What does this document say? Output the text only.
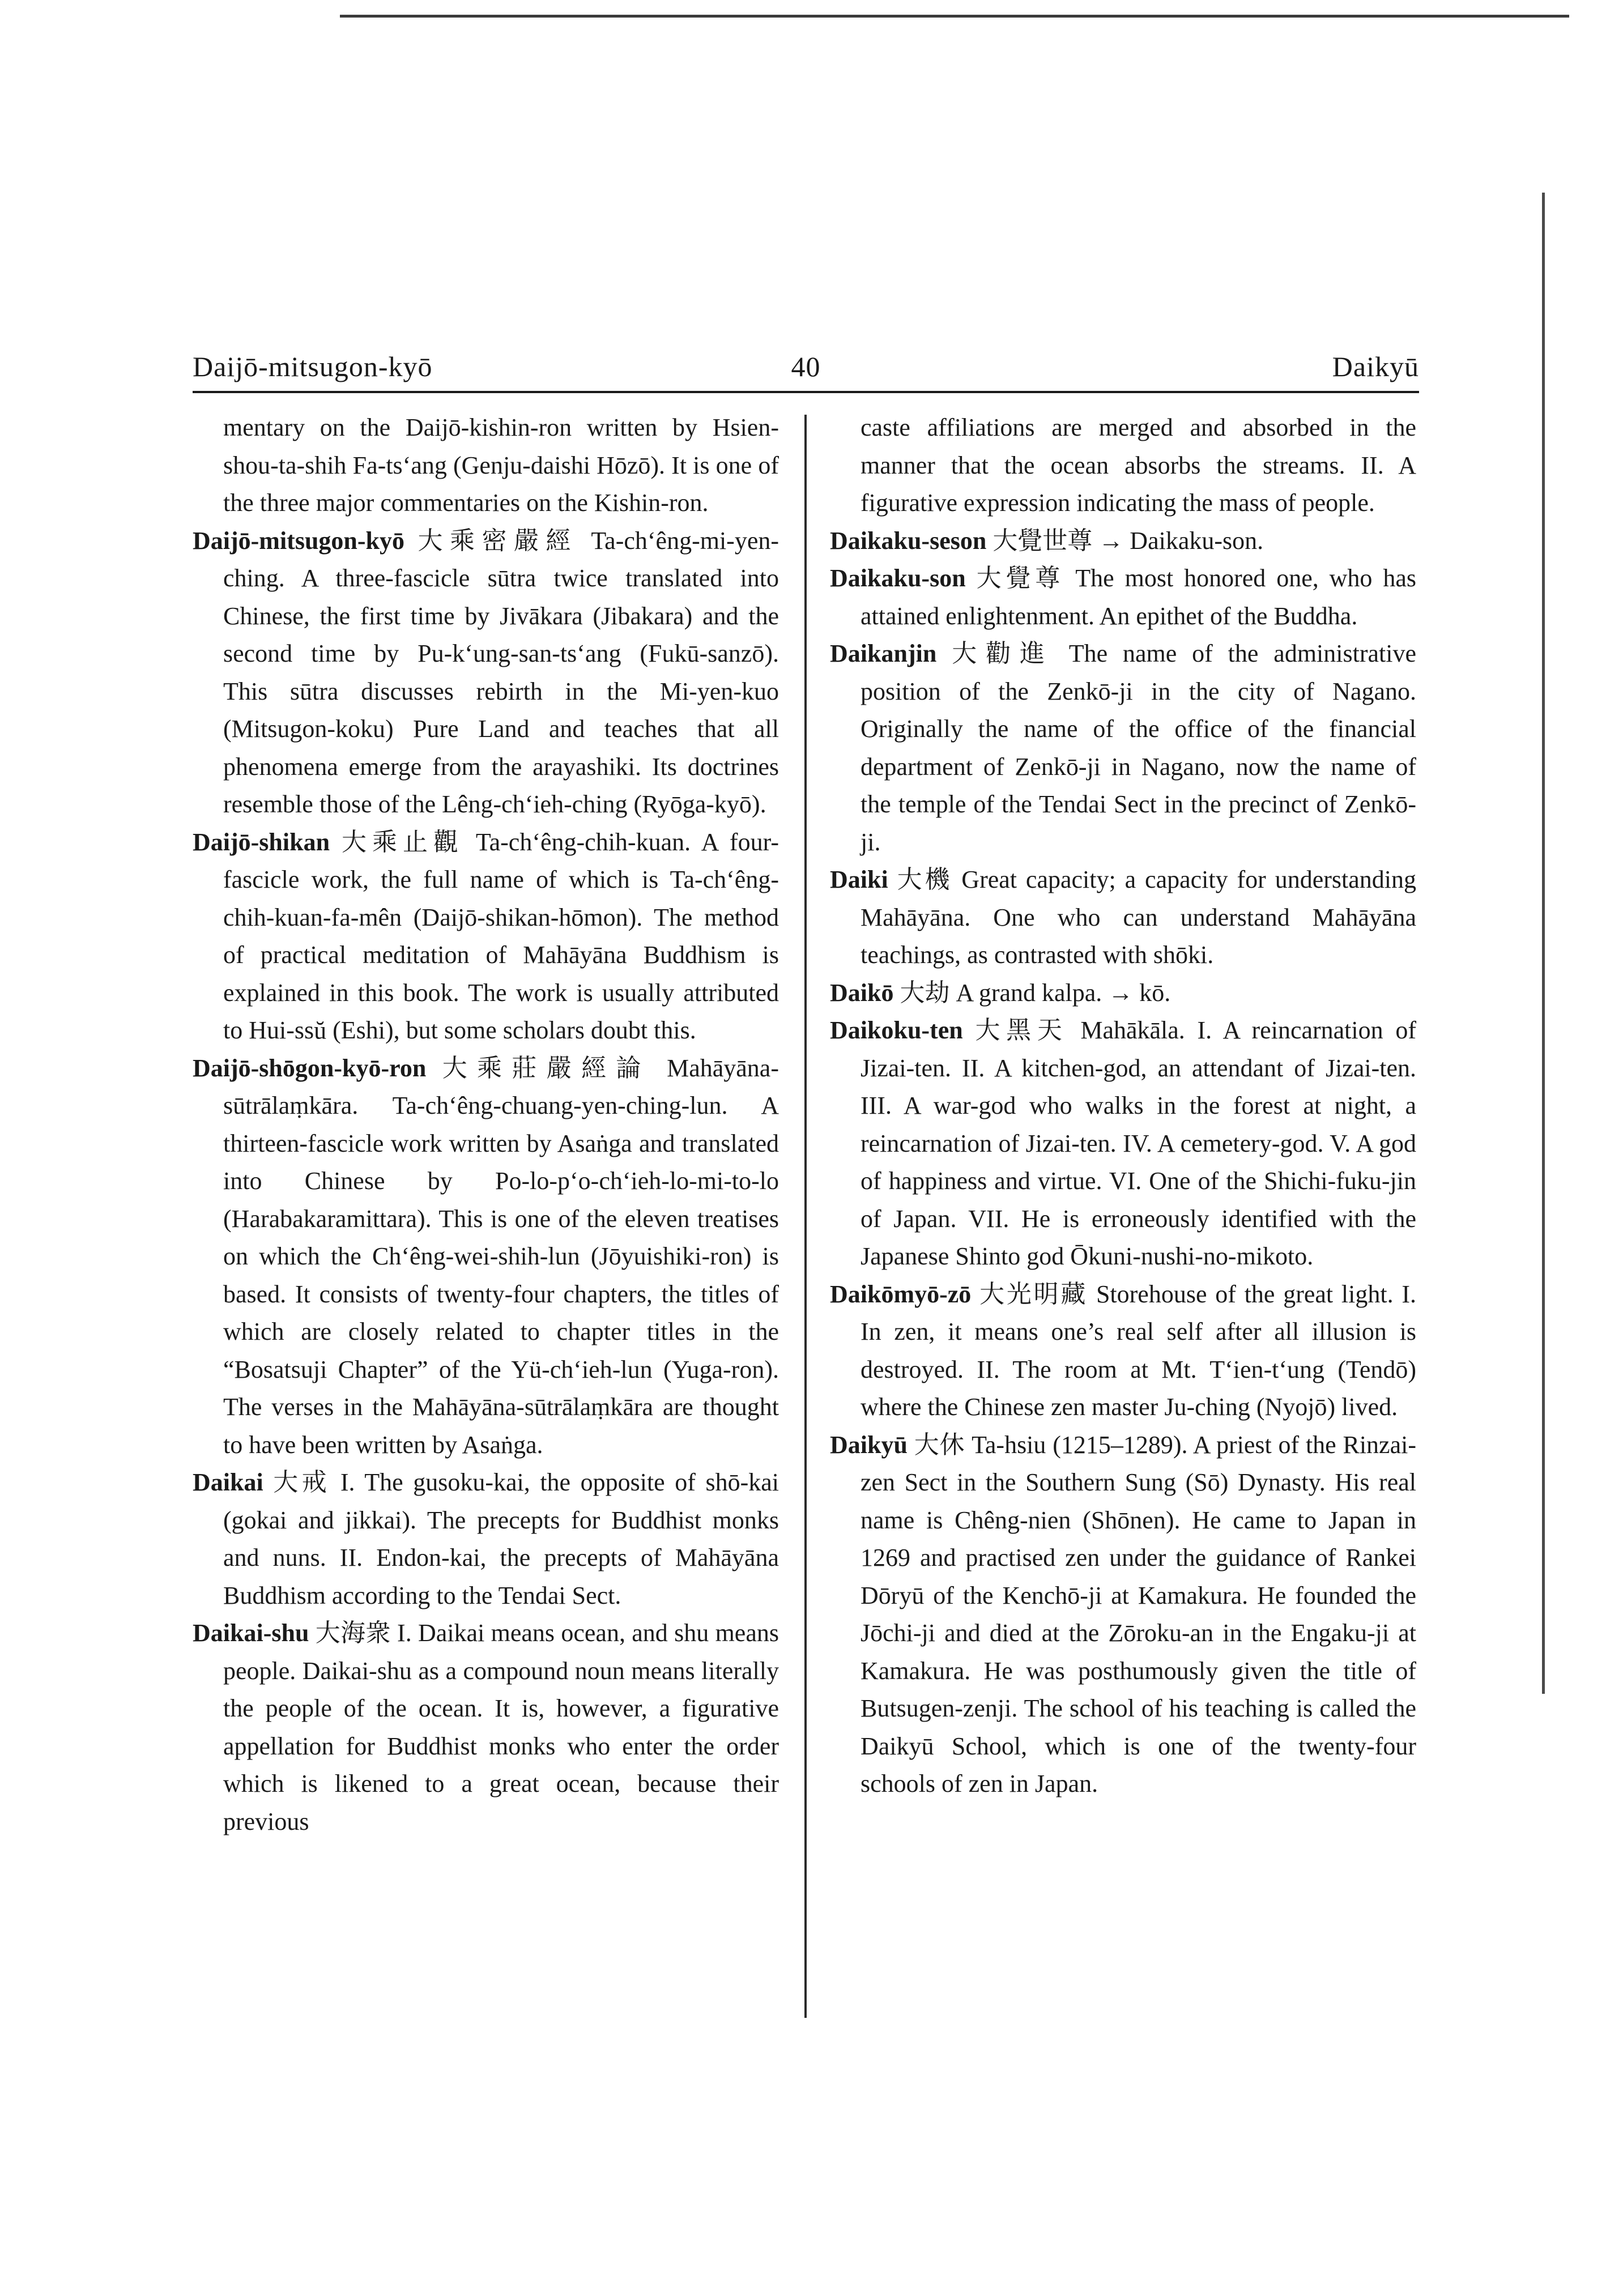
Daijō-mitsugon-kyō	40	Daikyū

mentary on the Daijō-kishin-ron written by Hsien-shou-ta-shih Fa-ts‘ang (Genju-daishi Hōzō). It is one of the three major commentaries on the Kishin-ron.

Daijō-mitsugon-kyō 大乘密嚴經 Ta-ch‘êng-mi-yen-ching. A three-fascicle sūtra twice translated into Chinese, the first time by Jivākara (Jibakara) and the second time by Pu-k‘ung-san-ts‘ang (Fukū-sanzō). This sūtra discusses rebirth in the Mi-yen-kuo (Mitsugon-koku) Pure Land and teaches that all phenomena emerge from the arayashiki. Its doctrines resemble those of the Lêng-ch‘ieh-ching (Ryōga-kyō).

Daijō-shikan 大乘止觀 Ta-ch‘êng-chih-kuan. A four-fascicle work, the full name of which is Ta-ch‘êng-chih-kuan-fa-mên (Daijō-shikan-hōmon). The method of practical meditation of Mahāyāna Buddhism is explained in this book. The work is usually attributed to Hui-ssŭ (Eshi), but some scholars doubt this.

Daijō-shōgon-kyō-ron 大乘莊嚴經論 Mahāyāna-sūtrālaṃkāra. Ta-ch‘êng-chuang-yen-ching-lun. A thirteen-fascicle work written by Asaṅga and translated into Chinese by Po-lo-p‘o-ch‘ieh-lo-mi-to-lo (Harabakaramittara). This is one of the eleven treatises on which the Ch‘êng-wei-shih-lun (Jōyuishiki-ron) is based. It consists of twenty-four chapters, the titles of which are closely related to chapter titles in the “Bosatsuji Chapter” of the Yü-ch‘ieh-lun (Yuga-ron). The verses in the Mahāyāna-sūtrālaṃkāra are thought to have been written by Asaṅga.

Daikai 大戒 I. The gusoku-kai, the opposite of shō-kai (gokai and jikkai). The precepts for Buddhist monks and nuns. II. Endon-kai, the precepts of Mahāyāna Buddhism according to the Tendai Sect.

Daikai-shu 大海衆 I. Daikai means ocean, and shu means people. Daikai-shu as a compound noun means literally the people of the ocean. It is, however, a figurative appellation for Buddhist monks who enter the order which is likened to a great ocean, because their previous

caste affiliations are merged and absorbed in the manner that the ocean absorbs the streams. II. A figurative expression indicating the mass of people.

Daikaku-seson 大覺世尊 → Daikaku-son.

Daikaku-son 大覺尊 The most honored one, who has attained enlightenment. An epithet of the Buddha.

Daikanjin 大勸進 The name of the administrative position of the Zenkō-ji in the city of Nagano. Originally the name of the office of the financial department of Zenkō-ji in Nagano, now the name of the temple of the Tendai Sect in the precinct of Zenkō-ji.

Daiki 大機 Great capacity; a capacity for understanding Mahāyāna. One who can understand Mahāyāna teachings, as contrasted with shōki.

Daikō 大劫 A grand kalpa. → kō.

Daikoku-ten 大黑天 Mahākāla. I. A reincarnation of Jizai-ten. II. A kitchen-god, an attendant of Jizai-ten. III. A war-god who walks in the forest at night, a reincarnation of Jizai-ten. IV. A cemetery-god. V. A god of happiness and virtue. VI. One of the Shichi-fuku-jin of Japan. VII. He is erroneously identified with the Japanese Shinto god Ōkuni-nushi-no-mikoto.

Daikōmyō-zō 大光明藏 Storehouse of the great light. I. In zen, it means one’s real self after all illusion is destroyed. II. The room at Mt. T‘ien-t‘ung (Tendō) where the Chinese zen master Ju-ching (Nyojō) lived.

Daikyū 大休 Ta-hsiu (1215–1289). A priest of the Rinzai-zen Sect in the Southern Sung (Sō) Dynasty. His real name is Chêng-nien (Shōnen). He came to Japan in 1269 and practised zen under the guidance of Rankei Dōryū of the Kenchō-ji at Kamakura. He founded the Jōchi-ji and died at the Zōroku-an in the Engaku-ji at Kamakura. He was posthumously given the title of Butsugen-zenji. The school of his teaching is called the Daikyū School, which is one of the twenty-four schools of zen in Japan.
